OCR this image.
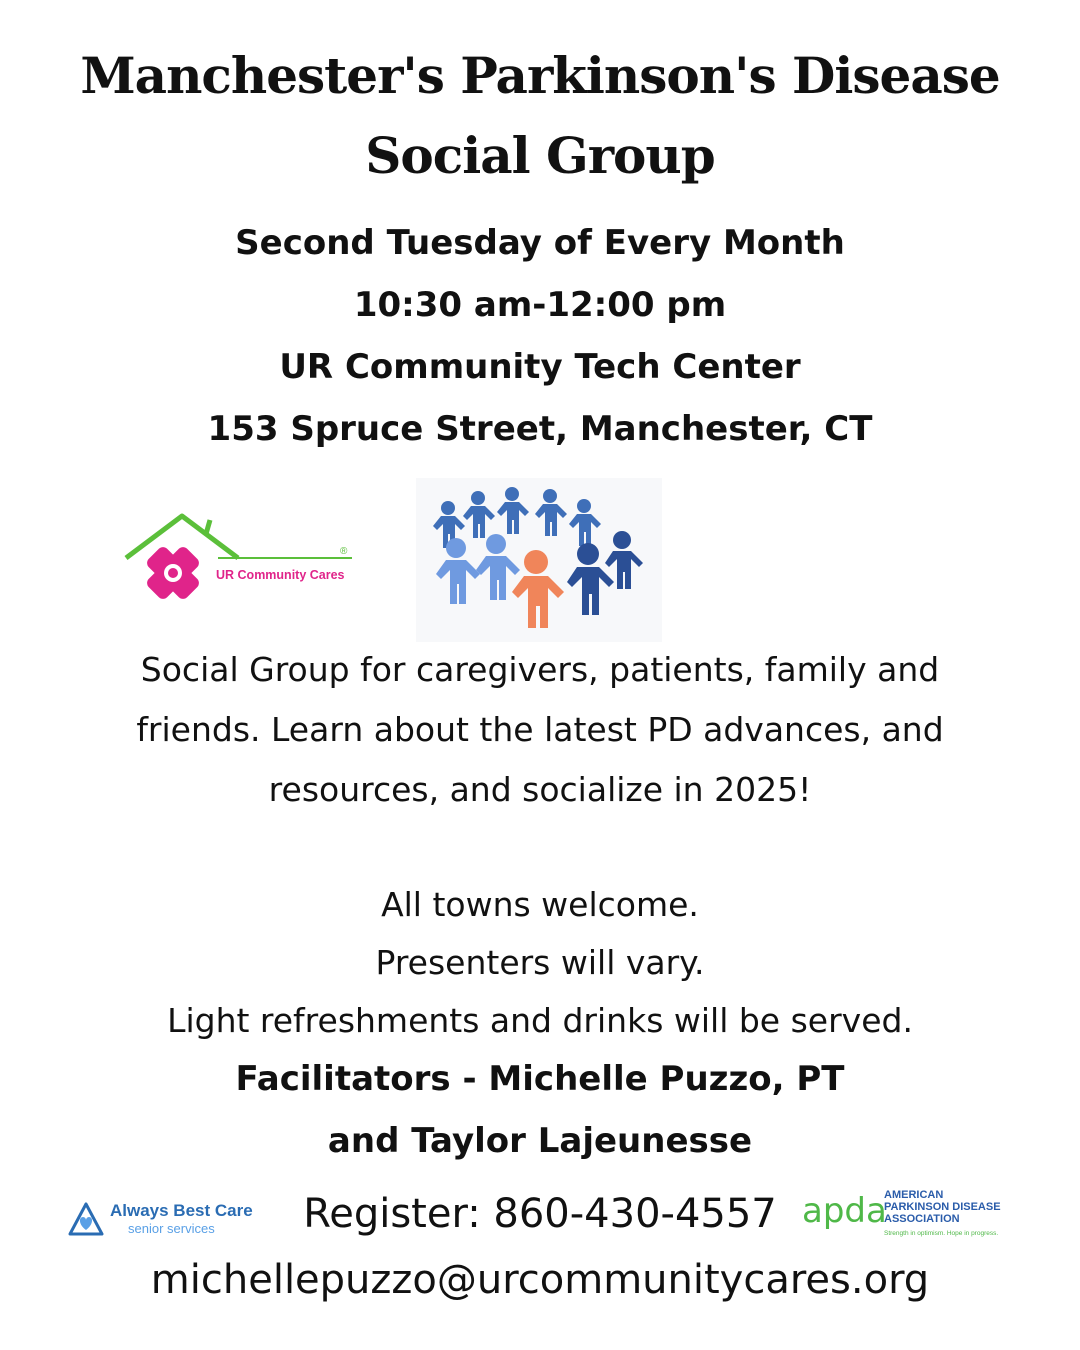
Manchester's Parkinson's Disease
Social Group
Second Tuesday of Every Month
10:30 am-12:00 pm
UR Community Tech Center
153 Spruce Street, Manchester, CT
UR Community Cares
®
Social Group for caregivers, patients, family and
friends. Learn about the latest PD advances, and
resources, and socialize in 2025!
All towns welcome.
Presenters will vary.
Light refreshments and drinks will be served.
Facilitators - Michelle Puzzo, PT
and Taylor Lajeunesse
Always Best Care
senior services	Register: 860-430-4557 apda
AMERICAN
PARKINSON DISEASE
ASSOCIATION
Strength in optimism. Hope in progress.
michellepuzzo@urcommunitycares.org
